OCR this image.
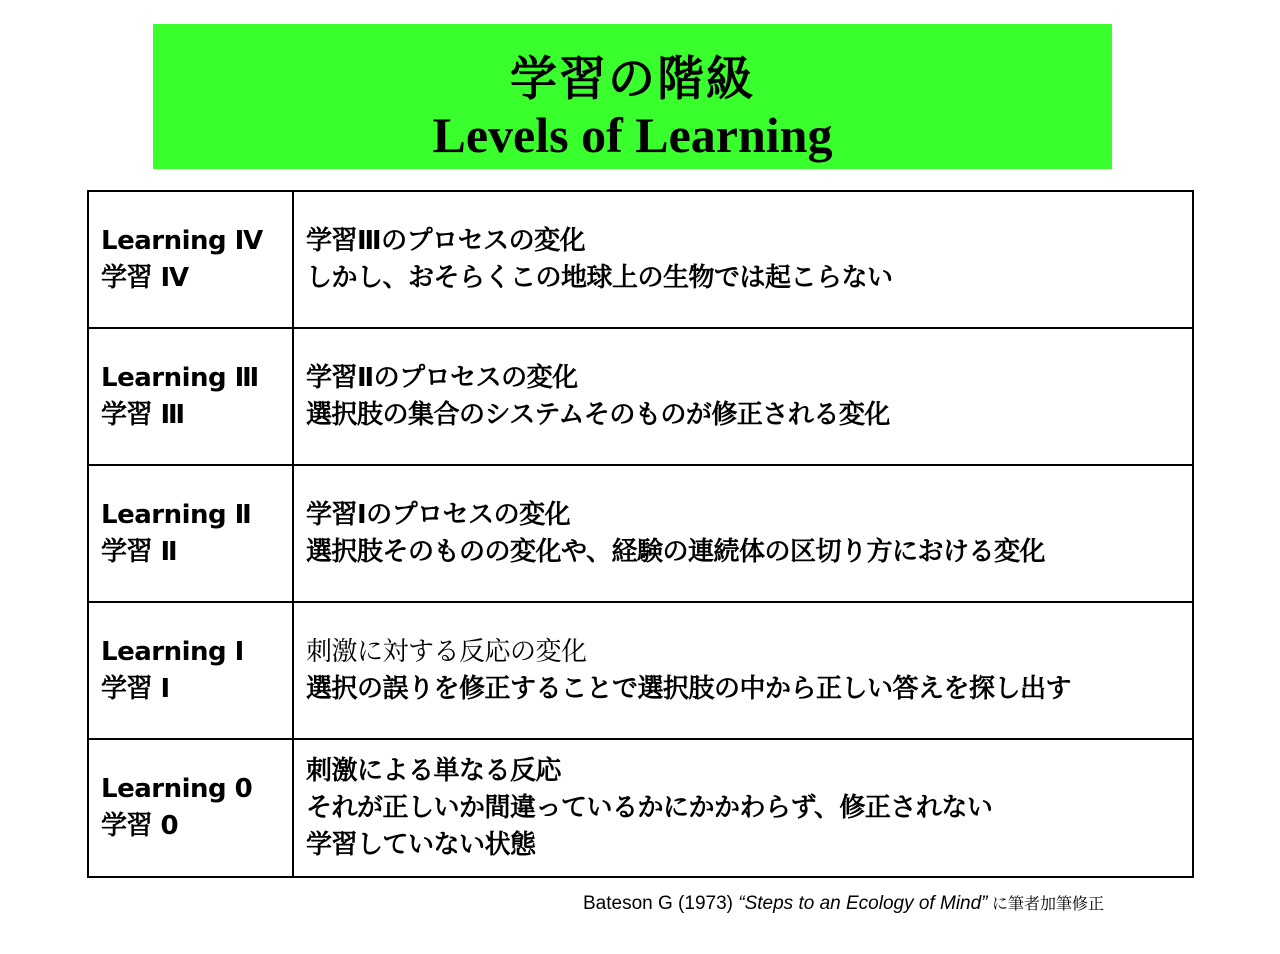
学習の階級
Levels of Learning
Learning Ⅳ
学習 Ⅳ	学習Ⅲのプロセスの変化
しかし、おそらくこの地球上の生物では起こらない

Learning Ⅲ
学習 Ⅲ	学習Ⅱのプロセスの変化
選択肢の集合のシステムそのものが修正される変化

Learning Ⅱ
学習 Ⅱ	学習Ⅰのプロセスの変化
選択肢そのものの変化や、経験の連続体の区切り方における変化

Learning Ⅰ
学習 Ⅰ	刺激に対する反応の変化
選択の誤りを修正することで選択肢の中から正しい答えを探し出す

Learning 0
学習 0	刺激による単なる反応
それが正しいか間違っているかにかかわらず、修正されない
学習していない状態
Bateson G (1973) “Steps to an Ecology of Mind” に筆者加筆修正
